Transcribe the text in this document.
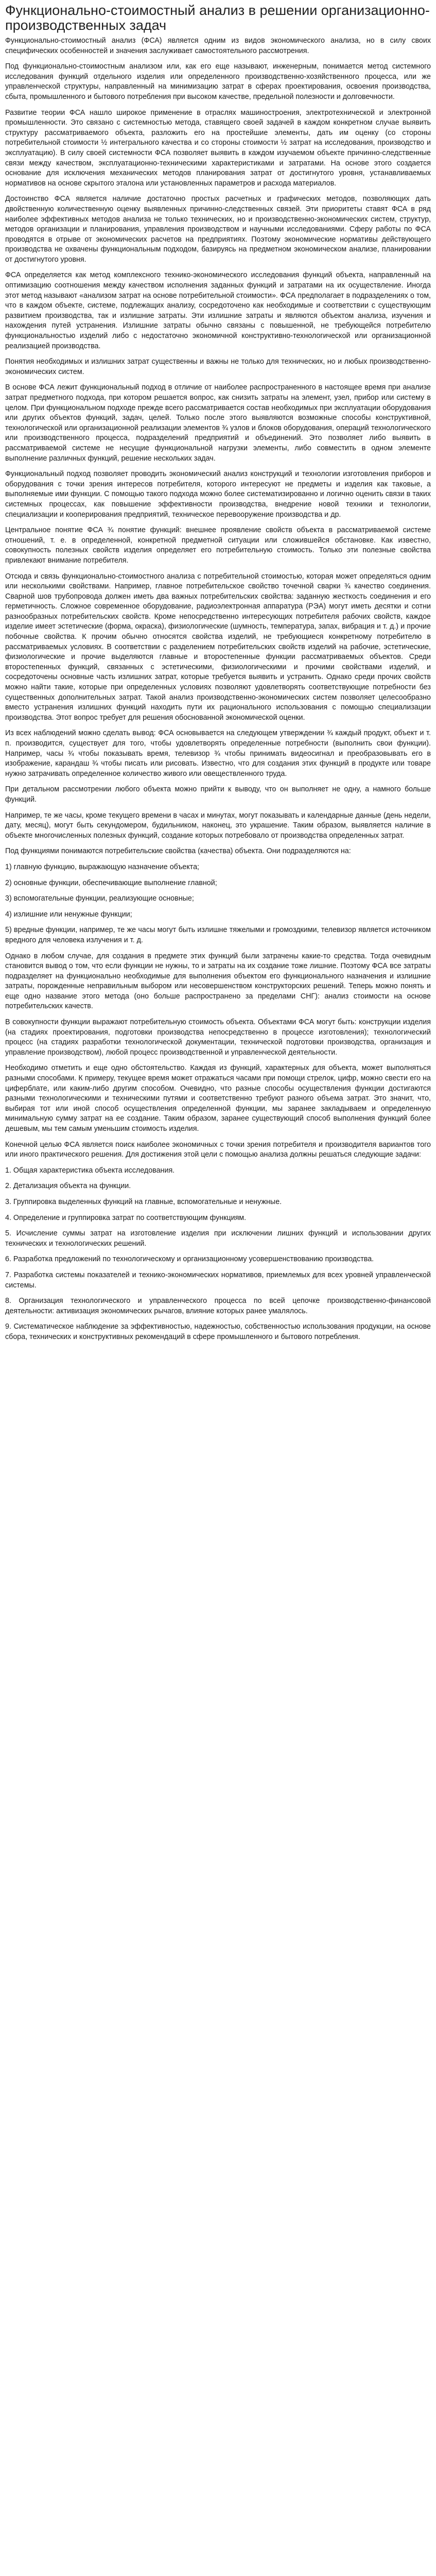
Функционально-стоимостный анализ в решении организационно-производственных задач

Функционально-стоимостный анализ (ФСА) является одним из видов экономического анализа, но в силу своих специфических особенностей и значения заслуживает самостоятельного рассмотрения.

Под функционально-стоимостным анализом или, как его еще называют, инженерным, понимается метод системного исследования функций отдельного изделия или определенного производственно-хозяйственного процесса, или же управленческой структуры, направленный на минимизацию затрат в сферах проектирования, освоения производства, сбыта, промышленного и бытового потребления при высоком качестве, предельной полезности и долговечности.

Развитие теории ФСА нашло широкое применение в отраслях машиностроения, электротехнической и электронной промышленности. Это связано с системностью метода, ставящего своей задачей в каждом конкретном случае выявить структуру рассматриваемого объекта, разложить его на простейшие элементы, дать им оценку (со стороны потребительной стоимости ½ интегрального качества и со стороны стоимости ½ затрат на исследования, производство и эксплуатацию). В силу своей системности ФСА позволяет выявить в каждом изучаемом объекте причинно-следственные связи между качеством, эксплуатационно-техническими характеристиками и затратами. На основе этого создается основание для исключения механических методов планирования затрат от достигнутого уровня, устанавливаемых нормативов на основе скрытого эталона или установленных параметров и расхода материалов.

Достоинство ФСА является наличие достаточно простых расчетных и графических методов, позволяющих дать двойственную количественную оценку выявленных причинно-следственных связей. Эти приоритеты ставят ФСА в ряд наиболее эффективных методов анализа не только технических, но и производственно-экономических систем, структур, методов организации и планирования, управления производством и научными исследованиями. Сферу работы по ФСА проводятся в отрыве от экономических расчетов на предприятиях. Поэтому экономические нормативы действующего производства не охвачены функциональным подходом, базируясь на предметном экономическом анализе, планировании от достигнутого уровня.

ФСА определяется как метод комплексного технико-экономического исследования функций объекта, направленный на оптимизацию соотношения между качеством исполнения заданных функций и затратами на их осуществление. Иногда этот метод называют «анализом затрат на основе потребительной стоимости». ФСА предполагает в подразделениях о том, что в каждом объекте, системе, подлежащих анализу, сосредоточено как необходимые и соответствии с существующим развитием производства, так и излишние затраты. Эти излишние затраты и являются объектом анализа, изучения и нахождения путей устранения. Излишние затраты обычно связаны с повышенной, не требующейся потребителю функциональностью изделий либо с недостаточно экономичной конструктивно-технологической или организационной реализацией производства.

Понятия необходимых и излишних затрат существенны и важны не только для технических, но и любых производственно-экономических систем.

В основе ФСА лежит функциональный подход в отличие от наиболее распространенного в настоящее время при анализе затрат предметного подхода, при котором решается вопрос, как снизить затраты на элемент, узел, прибор или систему в целом. При функциональном подходе прежде всего рассматривается состав необходимых при эксплуатации оборудования или других объектов функций, задач, целей. Только после этого выявляются возможные способы конструктивной, технологической или организационной реализации элементов ¾ узлов и блоков оборудования, операций технологического или производственного процесса, подразделений предприятий и объединений. Это позволяет либо выявить в рассматриваемой системе не несущие функциональной нагрузки элементы, либо совместить в одном элементе выполнение различных функций, решение нескольких задач.

Функциональный подход позволяет проводить экономический анализ конструкций и технологии изготовления приборов и оборудования с точки зрения интересов потребителя, которого интересуют не предметы и изделия как таковые, а выполняемые ими функции. С помощью такого подхода можно более систематизированно и логично оценить связи в таких системных процессах, как повышение эффективности производства, внедрение новой техники и технологии, специализации и кооперирования предприятий, техническое перевооружение производства и др.

Центральное понятие ФСА ¾ понятие функций: внешнее проявление свойств объекта в рассматриваемой системе отношений, т. е. в определенной, конкретной предметной ситуации или сложившейся обстановке. Как известно, совокупность полезных свойств изделия определяет его потребительную стоимость. Только эти полезные свойства привлекают внимание потребителя.

Отсюда и связь функционально-стоимостного анализа с потребительной стоимостью, которая может определяться одним или несколькими свойствами. Например, главное потребительское свойство точечной сварки ¾ качество соединения. Сварной шов трубопровода должен иметь два важных потребительских свойства: заданную жесткость соединения и его герметичность. Сложное современное оборудование, радиоэлектронная аппаратура (РЭА) могут иметь десятки и сотни разнообразных потребительских свойств. Кроме непосредственно интересующих потребителя рабочих свойств, каждое изделие имеет эстетические (форма, окраска), физиологические (шумность, температура, запах, вибрация и т. д.) и прочие побочные свойства. К прочим обычно относятся свойства изделий, не требующиеся конкретному потребителю в рассматриваемых условиях. В соответствии с разделением потребительских свойств изделий на рабочие, эстетические, физиологические и прочие выделяются главные и второстепенные функции рассматриваемых объектов. Среди второстепенных функций, связанных с эстетическими, физиологическими и прочими свойствами изделий, и сосредоточены основные часть излишних затрат, которые требуется выявить и устранить. Однако среди прочих свойств можно найти такие, которые при определенных условиях позволяют удовлетворять соответствующие потребности без существенных дополнительных затрат. Такой анализ производственно-экономических систем позволяет целесообразно вместо устранения излишних функций находить пути их рационального использования с помощью специализации производства. Этот вопрос требует для решения обоснованной экономической оценки.

Из всех наблюдений можно сделать вывод: ФСА основывается на следующем утверждении ¾ каждый продукт, объект и т. п. производится, существует для того, чтобы удовлетворять определенные потребности (выполнить свои функции). Например, часы ¾ чтобы показывать время, телевизор ¾ чтобы принимать видеосигнал и преобразовывать его в изображение, карандаш ¾ чтобы писать или рисовать. Известно, что для создания этих функций в продукте или товаре нужно затрачивать определенное количество живого или овеществленного труда.

При детальном рассмотрении любого объекта можно прийти к выводу, что он выполняет не одну, а намного больше функций.

Например, те же часы, кроме текущего времени в часах и минутах, могут показывать и календарные данные (день недели, дату, месяц), могут быть секундомером, будильником, наконец, это украшение. Таким образом, выявляется наличие в объекте многочисленных полезных функций, создание которых потребовало от производства определенных затрат.

Под функциями понимаются потребительские свойства (качества) объекта. Они подразделяются на:

1) главную функцию, выражающую назначение объекта;

2) основные функции, обеспечивающие выполнение главной;

3) вспомогательные функции, реализующие основные;

4) излишние или ненужные функции;

5) вредные функции, например, те же часы могут быть излишне тяжелыми и громоздкими, телевизор является источником вредного для человека излучения и т. д.

Однако в любом случае, для создания в предмете этих функций были затрачены какие-то средства. Тогда очевидным становится вывод о том, что если функции не нужны, то и затраты на их создание тоже лишние. Поэтому ФСА все затраты подразделяет на функционально необходимые для выполнения объектом его функционального назначения и излишние затраты, порожденные неправильным выбором или несовершенством конструкторских решений. Теперь можно понять и еще одно название этого метода (оно больше распространено за пределами СНГ): анализ стоимости на основе потребительских качеств.

В совокупности функции выражают потребительную стоимость объекта. Объектами ФСА могут быть: конструкции изделия (на стадиях проектирования, подготовки производства непосредственно в процессе изготовления); технологический процесс (на стадиях разработки технологической документации, технической подготовки производства, организация и управление производством), любой процесс производственной и управленческой деятельности.

Необходимо отметить и еще одно обстоятельство. Каждая из функций, характерных для объекта, может выполняться разными способами. К примеру, текущее время может отражаться часами при помощи стрелок, цифр, можно свести его на циферблате, или каким-либо другим способом. Очевидно, что разные способы осуществления функции достигаются разными технологическими и техническими путями и соответственно требуют разного объема затрат. Это значит, что, выбирая тот или иной способ осуществления определенной функции, мы заранее закладываем и определенную минимальную сумму затрат на ее создание. Таким образом, заранее существующий способ выполнения функций более дешевым, мы тем самым уменьшим стоимость изделия.

Конечной целью ФСА является поиск наиболее экономичных с точки зрения потребителя и производителя вариантов того или иного практического решения. Для достижения этой цели с помощью анализа должны решаться следующие задачи:

1. Общая характеристика объекта исследования.

2. Детализация объекта на функции.

3. Группировка выделенных функций на главные, вспомогательные и ненужные.

4. Определение и группировка затрат по соответствующим функциям.

5. Исчисление суммы затрат на изготовление изделия при исключении лишних функций и использовании других технических и технологических решений.

6. Разработка предложений по технологическому и организационному усовершенствованию производства.

7. Разработка системы показателей и технико-экономических нормативов, приемлемых для всех уровней управленческой системы.

8. Организация технологического и управленческого процесса по всей цепочке производственно-финансовой деятельности: активизация экономических рычагов, влияние которых ранее умалялось.

9. Систематическое наблюдение за эффективностью, надежностью, собственностью использования продукции, на основе сбора, технических и конструктивных рекомендаций в сфере промышленного и бытового потребления.
